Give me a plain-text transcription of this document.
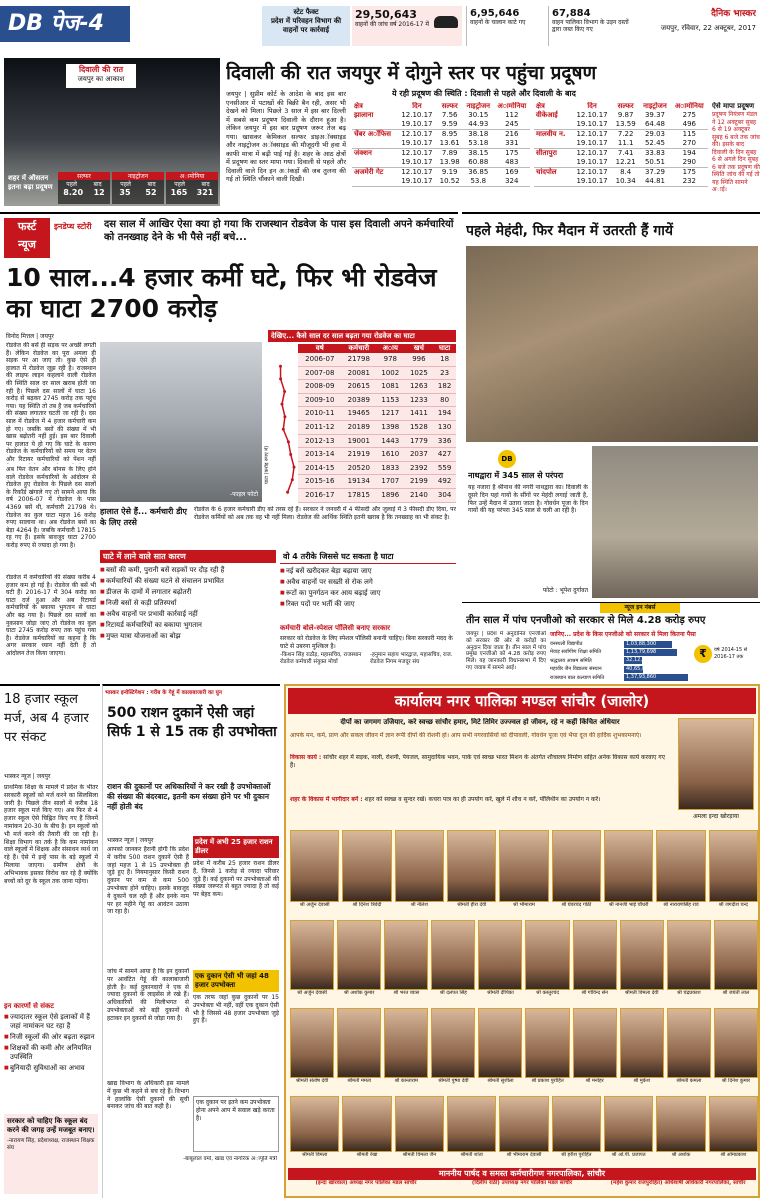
DB पेज-4	स्टेट फैक्ट
प्रदेश में परिवहन विभाग की वाहनों पर कार्रवाई
29,50,643
वाहनों की जांच वर्ष 2016-17 में
6,95,646
वाहनों के चालान काटे गए
67,884
वाहन पालिका विभाग के उड़न दस्तों द्वारा जब्त किए गए
दैनिक भास्कर
जयपुर, रविवार, 22 अक्टूबर, 2017
दिवाली की रात
जयपुर का आकाश
शहर में औसतन इतना बढ़ा प्रदूषण
सल्फर
पहले	बाद
8.20 12
नाइट्रोजन
पहले	बाद
35 52
अामोनिया
पहले	बाद
165 321
दिवाली की रात जयपुर में दोगुने स्तर पर पहुंचा प्रदूषण
ये रही प्रदूषण की स्थिति : दिवाली से पहले और दिवाली के बाद
जयपुर | सुप्रीम कोर्ट के आदेश के बाद इस बार एनसीआर में पटाखों की बिक्री बैन रही, असर भी देखने को मिला। पिछले 3 साल में इस बार दिल्ली में सबसे कम प्रदूषण दिवाली के दौरान हुआ है। लेकिन जयपुर में इस बार प्रदूषण जरूर तेज बढ़ गया। खासकर केमिकल सल्फर डाइअॉक्साइड और नाइट्रोजन अॉक्साइड की मौजूदगी भी हवा में काफी मात्रा में बढ़ी पाई गई है। शहर के आठ क्षेत्रों में प्रदूषण का स्तर मापा गया। दिवाली से पहले और दिवाली वाले दिन इन अांकड़ों की जब तुलना की गई तो स्थिति चौंकाने वाली दिखी।
क्षेत्र	दिन	सल्फर	नाइट्रोजन	अामोनिया
झालाना	12.10.17	7.56	30.15	112
	19.10.17	9.59	44.93	245
चेंबर अॉफिस	12.10.17	8.95	38.18	216
	19.10.17	13.61	53.18	331
जंक्शन	12.10.17	7.89	38.15	175
	19.10.17	13.98	60.88	483
अजमेरी गेट	12.10.17	9.19	36.85	169
	19.10.17	10.52	53.8	324
क्षेत्र	दिन	सल्फर	नाइट्रोजन	अामोनिया
वीकेआई	12.10.17	9.87	39.37	275
	19.10.17	13.59	64.48	496
मालवीय न.	12.10.17	7.22	29.03	115
	19.10.17	11.1	52.45	270
सीतापुरा	12.10.17	7.41	33.83	194
	19.10.17	12.21	50.51	290
चांदपोल	12.10.17	8.4	37.29	175
	19.10.17	10.34	44.81	232
ऐसे मापा प्रदूषण
प्रदूषण नियंत्रण मंडल ने 12 अक्टूबर सुबह 6 से 19 अक्टूबर सुबह 6 बजे तक जांच की। इसके बाद दिवाली के दिन सुबह 6 से अगले दिन सुबह 6 बजे तक प्रदूषण की स्थिति जांच की गई तो यह स्थिति सामने अाई।
फर्स्ट
न्यूज
इनडेप्थ स्टोरी	दस साल में आखिर ऐसा क्या हो गया कि राजस्थान रोडवेज के पास इस दिवाली अपने कर्मचारियों को तनख्वाह देने के भी पैसे नहीं बचे...
10 साल...4 हजार कर्मी घटे, फिर भी रोडवेज का घाटा 2700 करोड़
विनोद मित्तल | जयपुर
रोडवेज की बसें ही सड़क पर अच्छी लगती हैं। लेकिन रोडवेज का पूरा अमला ही सड़क पर आ जाए तो। कुछ ऐसे ही हालात में रोडवेज जूझ रही है। राजस्थान की लाइफ लाइन कहलाने वाली रोडवेज की स्थिति साल दर साल खराब होती जा रही है। पिछले दस सालों में घाटा 16 करोड़ से बढ़कर 2745 करोड़ तक पहुंच गया। यह स्थिति तो तब है जब कर्मचारियों की संख्या लगातार घटती जा रही है। दस साल में रोडवेज में 4 हजार कर्मचारी कम हो गए। जबकि बसों की संख्या में भी खास बढ़ोतरी नहीं हुई। इस बार दिवाली पर हालात ये हो गए कि घाटे के कारण रोडवेज के कर्मचारियों को समय पर वेतन और रिटायर कर्मचारियों को पेंशन नहीं
अब फिर वेतन और बोनस के लिए होने वाले रोडवेज कर्मचारियों के आंदोलन से रोडवेज हुए रोडवेज के पिछले दस सालों के रिकॉर्ड खंगाले गए तो सामने आया कि वर्ष 2006-07 में रोडवेज के पास 4369 बसें थी, कर्मचारी 21798 थे। रोडवेज का कुल घाटा महज 16 करोड़ रुपए सालाना था। अब रोडवेज बसों का बेड़ा 4264 है। जबकि कर्मचारी 17815 रह गए हैं। इसके बावजूद घाटा 2700 करोड़ रुपए से ज्यादा हो गया है।
रोडवेज में कर्मचारियों की संख्या करीब 4 हजार कम हो गई है। रोडवेज की बसें भी घटी हैं। 2016-17 में 304 करोड़ का घाटा दर्ज हुआ और अब रिटायर्ड कर्मचारियों के बकाया भुगतान से घाटा और बढ़ गया है। पिछले दस सालों का नुकसान जोड़ा जाए तो रोडवेज का कुल घाटा 2745 करोड़ रुपए तक पहुंच गया है। रोडवेज कर्मचारियों का कहना है कि अगर सरकार ध्यान नहीं देती है तो आंदोलन तेज किया जाएगा।
-फाइल फोटो
देखिए... कैसे साल दर साल बढ़ता गया रोडवेज का घाटा
घाटा (करोड़ रुपए में)
वर्ष	कर्मचारी	अाय	खर्च	घाटा
2006-07	21798	978	996	18
2007-08	20081	1002	1025	23
2008-09	20615	1081	1263	182
2009-10	20389	1153	1233	80
2010-11	19465	1217	1411	194
2011-12	20189	1398	1528	130
2012-13	19001	1443	1779	336
2013-14	21919	1610	2037	427
2014-15	20520	1833	2392	559
2015-16	19134	1707	2199	492
2016-17	17815	1896	2140	304
हालात ऐसे हैं... कर्मचारी डीए के लिए तरसे
रोडवेज के 6 हजार कर्मचारी डीए को तरस रहे हैं। सरकार ने जनवरी में 4 फीसदी और जुलाई में 3 फीसदी डीए दिया, पर रोडवेज कर्मियों को अब तक वह भी नहीं मिला। रोडवेज की आर्थिक स्थिति इतनी खराब है कि तनख्वाह का भी संकट है।
घाटे में लाने वाले सात कारण
■ बसों की कमी, पुरानी बसें सड़कों पर दौड़ रही हैं
■ कर्मचारियों की संख्या घटने से संचालन प्रभावित
■ डीजल के दामों में लगातार बढ़ोतरी
■ निजी बसों से कड़ी प्रतिस्पर्धा
■ अवैध वाहनों पर प्रभावी कार्रवाई नहीं
■ रिटायर्ड कर्मचारियों का बकाया भुगतान
■ मुफ्त यात्रा योजनाओं का बोझ
वो 4 तरीके जिससे घट सकता है घाटा
■ नई बसें खरीदकर बेड़ा बढ़ाया जाए
■ अवैध वाहनों पर सख्ती से रोक लगे
■ रूटों का पुनर्गठन कर आय बढ़ाई जाए
■ रिक्त पदों पर भर्ती की जाए
कर्मचारी बोले-स्पेशल पॉलिसी बनाए सरकार
सरकार को रोडवेज के लिए स्पेशल पॉलिसी बनानी चाहिए। बिना सरकारी मदद के घाटे से उबरना मुश्किल है।
-किशन सिंह राठौड़, महासचिव, राजस्थान रोडवेज कर्मचारी संयुक्त मोर्चा
-हनुमान सहाय भारद्वाज, महासचिव, राज. रोडवेज निगम मजदूर संघ
पहले मेहंदी, फिर मैदान में उतरती हैं गायें
DB
नाथद्वारा में 345 साल से परंपरा
यह नजारा है श्रीनाथ की नगरी नाथद्वारा का। दिवाली के दूसरे दिन यहां गायों के सींगों पर मेहंदी लगाई जाती है, फिर उन्हें मैदान में उतारा जाता है। गोवर्धन पूजा के दिन गायों की यह परंपरा 345 साल से चली आ रही है।
फोटो : भूपेश दुर्गावत
न्यूज इन नंबर्स
तीन साल में पांच एनजीओ को सरकार से मिले 4.28 करोड़ रुपए
जयपुर | प्रदेश में अनुदानित एनजीओ को सरकार की ओर से करोड़ों का अनुदान दिया जाता है। तीन साल में पांच प्रमुख एनजीओ को 4.28 करोड़ रुपए मिले। यह जानकारी विधानसभा में दिए गए जवाब में सामने आई।
जानिए... प्रदेश के किस एनजीओ को सरकार से मिला कितना पैसा
वनस्थली विद्यापीठ	1,03,88,300
मेवाड़ सर्वांगीण शिक्षा समिति	1,13,79,698
श्रद्धालय आश्रम समिति	32,12,989
महावीर जैन विद्यालय संस्थान	40,65,099
राजस्थान बाल कल्याण समिति	1,37,93,860
₹	वर्ष 2014-15 से 2016-17 तक
18 हजार स्कूल मर्ज, अब 4 हजार पर संकट
भास्कर न्यूज | जयपुर
प्राथमिक शिक्षा के मामले में प्रदेश के भीतर सरकारी स्कूलों को मर्ज करने का सिलसिला जारी है। पिछले तीन सालों में करीब 18 हजार स्कूल मर्ज किए गए। अब फिर से 4 हजार स्कूल ऐसे चिह्नित किए गए हैं जिनमें नामांकन 20-30 के बीच है। इन स्कूलों को भी मर्ज करने की तैयारी की जा रही है। शिक्षा विभाग का तर्क है कि कम नामांकन वाले स्कूलों में शिक्षक और संसाधन व्यर्थ जा रहे हैं। ऐसे में इन्हें पास के बड़े स्कूलों में मिलाया जाएगा। ग्रामीण क्षेत्रों के अभिभावक इसका विरोध कर रहे हैं क्योंकि बच्चों को दूर के स्कूल तक जाना पड़ेगा।
इन कारणों से संकट
■ ज्यादातर स्कूल ऐसे इलाकों में हैं जहां नामांकन घट रहा है
■ निजी स्कूलों की ओर बढ़ता रुझान
■ शिक्षकों की कमी और अनियमित उपस्थिति
■ बुनियादी सुविधाओं का अभाव
सरकार को चाहिए कि स्कूल बंद करने की जगह उन्हें मजबूत बनाए।
-नारायण सिंह, प्रदेशाध्यक्ष, राजस्थान शिक्षक संघ
भास्कर इन्वेस्टिगेशन : गरीब के गेहूं में कालाबाजारी का घुन
500 राशन दुकानें ऐसी जहां सिर्फ 1 से 15 तक ही उपभोक्ता
राशन की दुकानों पर अधिकारियों ने कर रखी है उपभोक्ताओं की संख्या की बंदरबाट, इतनी कम संख्या होने पर भी दुकान नहीं होती बंद
भास्कर न्यूज | जयपुर
आपको जानकर हैरानी होगी कि प्रदेश में करीब 500 राशन दुकानें ऐसी हैं जहां महज 1 से 15 उपभोक्ता ही जुड़े हुए हैं। नियमानुसार किसी राशन दुकान पर कम से कम 500 उपभोक्ता होने चाहिए। इसके बावजूद ये दुकानें चल रही हैं और इनके नाम पर हर महीने गेहूं का आवंटन उठाया जा रहा है।
जांच में सामने आया है कि इन दुकानों पर आवंटित गेहूं की कालाबाजारी होती है। कई दुकानदारों ने एक से ज्यादा दुकानों के लाइसेंस ले रखे हैं। अधिकारियों की मिलीभगत से उपभोक्ताओं को बड़ी दुकानों से हटाकर इन दुकानों से जोड़ा गया है।
खाद्य विभाग के अधिकारी इस मामले में कुछ भी कहने से बच रहे हैं। विभाग ने हालांकि ऐसी दुकानों की सूची बनाकर जांच की बात कही है।
-बाबूलाल वर्मा, खाद्य एवं नागरिक अापूर्ति मंत्री
प्रदेश में अभी 25 हजार राशन डीलर
प्रदेश में करीब 25 हजार राशन डीलर हैं, जिनसे 1 करोड़ से ज्यादा परिवार जुड़े हैं। कई दुकानों पर उपभोक्ताओं की संख्या जरूरत से बहुत ज्यादा है तो कई पर बेहद कम।
एक दुकान ऐसी भी जहां 48 हजार उपभोक्ता
एक तरफ जहां कुछ दुकानों पर 15 उपभोक्ता भी नहीं, वहीं एक दुकान ऐसी भी है जिससे 48 हजार उपभोक्ता जुड़े हुए हैं।
एक दुकान पर इतने कम उपभोक्ता होना अपने आप में सवाल खड़े करता है।
कार्यालय नगर पालिका मण्डल सांचौर (जालोर)
दीपों का जगमग उजियार, करे स्वच्छ सांचौर हमार, मिटे तिमिर उज्ज्वल हो जीवन, रहे न कहीं किंचित अंधियार
आपके मन, कर्म, प्राण और सकल जीवन में ज्ञान रूपी दीपों की रोशनी हो। आप सभी नगरवासियों को दीपावली, गोवर्धन पूजा एवं भैया दूज की हार्दिक शुभकामनाएं।
विकास कार्य : सांचौर शहर में सड़क, नाली, रोशनी, पेयजल, सामुदायिक भवन, पार्क एवं स्वच्छ भारत मिशन के अंतर्गत शौचालय निर्माण सहित अनेक विकास कार्य करवाए गए हैं।
अमला इन्दा खोरड़ाया
शहर के विकास में भागीदार बनें : शहर को स्वच्छ व सुन्दर रखें। कचरा पात्र का ही उपयोग करें, खुले में शौच न करें, पॉलिथीन का उपयोग न करें।
श्री अर्जुन देवासी	श्री दिनेश त्रिवेदी	श्री नीलेश	श्रीमती हीरा देवी	श्री भीमाराम	श्री घेवरचंद गोठी	श्री नानजी भाई चौधरी	श्री नारायणसिंह राव	श्री जगदीश चन्द
श्री अर्जुन देवासी	श्री अशोक कुमार	श्री भरत व्यास	श्री दलपत सिंह	श्रीमती दीपिका	श्री कस्तुरचंद	श्री गोविन्द सेन	श्रीमती विमला देवी	श्री चंद्रप्रकाश	श्री जयंती लाल
श्रीमती संतोष देवी	श्रीमती ममता	श्री कान्ताराम	श्रीमती पुष्पा देवी	श्रीमती सुशीला	श्री प्रकाश पुरोहित	श्री मनोहर	श्री मुकेश	श्रीमती कमला	श्री दिनेश कुमार
श्रीमती विमला	श्रीमती रेखा	श्रीमती विमला जैन	श्रीमती शांता	श्री भीमाराम देवासी	श्री हरीश पुरोहित	श्री ओ.पी. प्रजापत	श्री अशोक	श्री ओमप्रकाश
माननीय पार्षद व समस्त कर्मचारीगण नगरपालिका, सांचौर
(इन्दा खोरवाल) अध्यक्ष नगर पालिका मंडल सांचौर	(दिलीप राठी) उपाध्यक्ष नगर पालिका मंडल सांचौर	(महेश कुमार राजपुरोहित) अधिशाषी अधिकारी नगरपालिका, सांचौर
